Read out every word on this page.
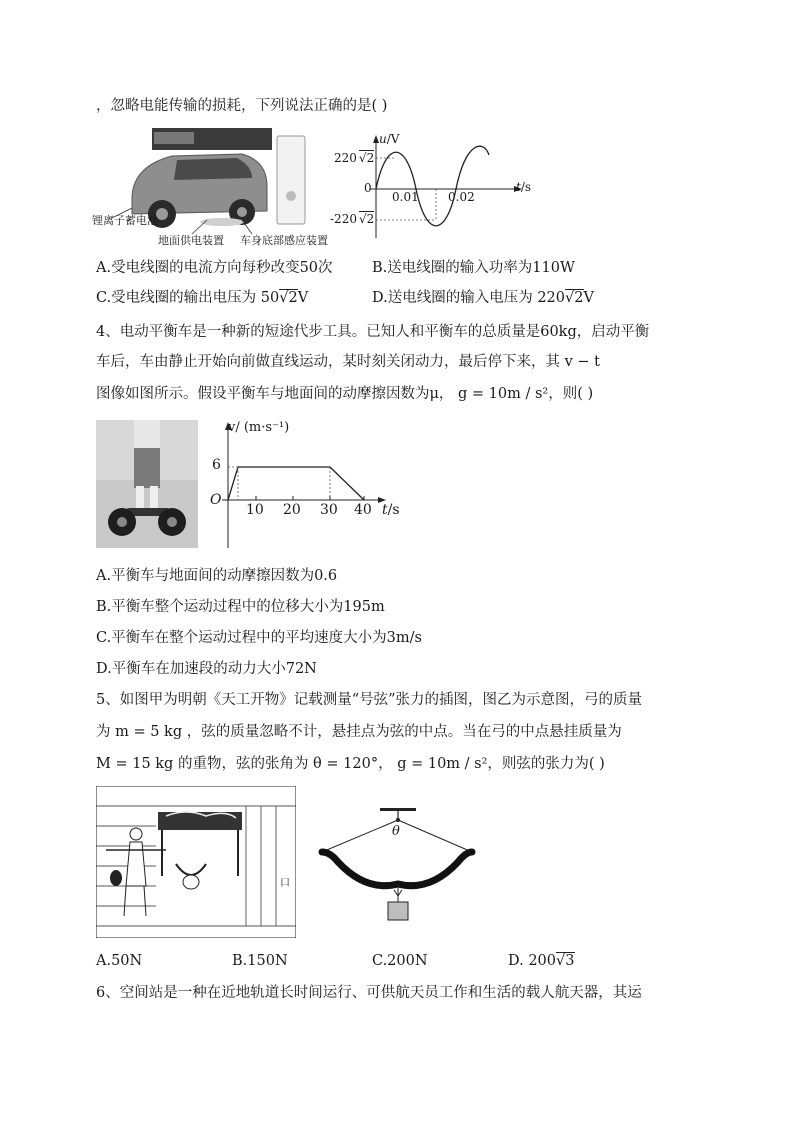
，忽略电能传输的损耗，下列说法正确的是( )
锂离子蓄电池
地面供电装置 车身底部感应装置
u/V
220 √2
0
0.01 0.02
t/s
-220 √2
A.受电线圈的电流方向每秒改变50次	B.送电线圈的输入功率为110W
C.受电线圈的输出电压为 50√2V	D.送电线圈的输入电压为 220√2V
4、电动平衡车是一种新的短途代步工具。已知人和平衡车的总质量是60kg，启动平衡
车后，车由静止开始向前做直线运动，某时刻关闭动力，最后停下来，其 v − t
图像如图所示。假设平衡车与地面间的动摩擦因数为μ， g = 10m / s²，则( )
v/ (m·s⁻¹)
6
O
10 20 30 40 t/s
A.平衡车与地面间的动摩擦因数为0.6
B.平衡车整个运动过程中的位移大小为195m
C.平衡车在整个运动过程中的平均速度大小为3m/s
D.平衡车在加速段的动力大小72N
5、如图甲为明朝《天工开物》记载测量“号弦”张力的插图，图乙为示意图，弓的质量
为 m = 5 kg ，弦的质量忽略不计，悬挂点为弦的中点。当在弓的中点悬挂质量为
M = 15 kg 的重物，弦的张角为 θ = 120°， g = 10m / s²，则弦的张力为( )
口
θ
A.50N	B.150N	C.200N	D. 200√3
6、空间站是一种在近地轨道长时间运行、可供航天员工作和生活的载人航天器，其运
